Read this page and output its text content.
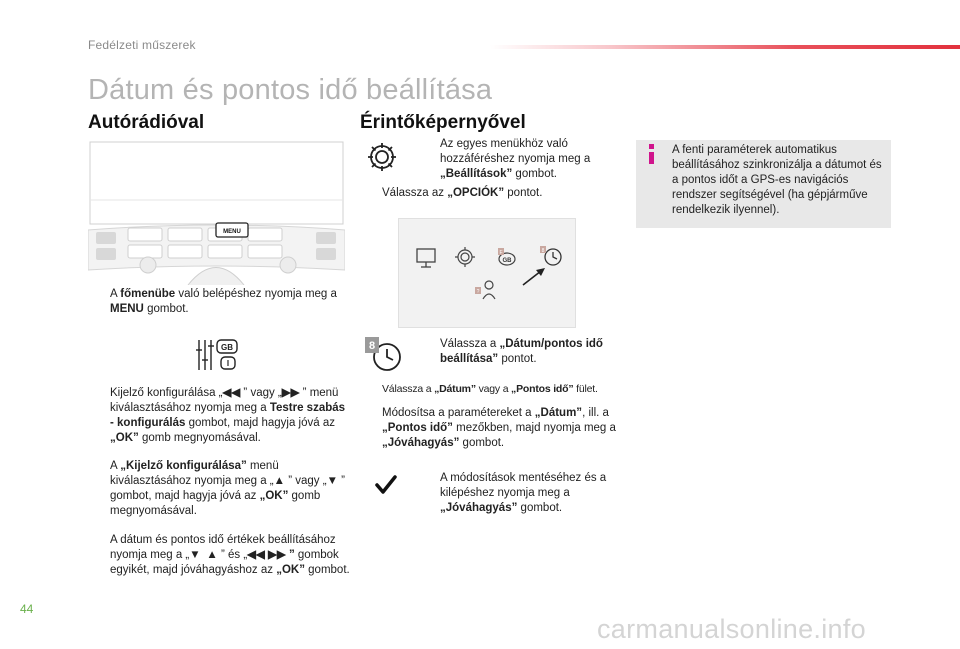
Fedélzeti műszerek
Dátum és pontos idő beállítása
Autórádióval
MENU
A főmenübe való belépéshez nyomja meg a MENU gombot.
GB
I
Kijelző konfigurálása „◀◀ ” vagy „▶▶ ” menü kiválasztásához nyomja meg a Testre szabás - konfigurálás gombot, majd hagyja jóvá az „OK” gomb megnyomásával.
A „Kijelző konfigurálása” menü kiválasztásához nyomja meg a „▲ ” vagy „▼ ” gombot, majd hagyja jóvá az „OK” gomb megnyomásával.
A dátum és pontos idő értékek beállításához nyomja meg a „▼ ▲ ” és „◀◀ ▶▶ ” gombok egyikét, majd jóváhagyáshoz az „OK” gombot.
Érintőképernyővel
Az egyes menükhöz való hozzáféréshez nyomja meg a „Beállítások” gombot.
Válassza az „OPCIÓK” pontot.
GB
F	8
?
8	Válassza a „Dátum/pontos idő beállítása” pontot.
Válassza a „Dátum” vagy a „Pontos idő” fület.
Módosítsa a paramétereket a „Dátum”, ill. a „Pontos idő” mezőkben, majd nyomja meg a „Jóváhagyás” gombot.
A módosítások mentéséhez és a kilépéshez nyomja meg a „Jóváhagyás” gombot.
A fenti paraméterek automatikus beállításához szinkronizálja a dátumot és a pontos időt a GPS-es navigációs rendszer segítségével (ha gépjárműve rendelkezik ilyennel).
44
carmanualsonline.info
